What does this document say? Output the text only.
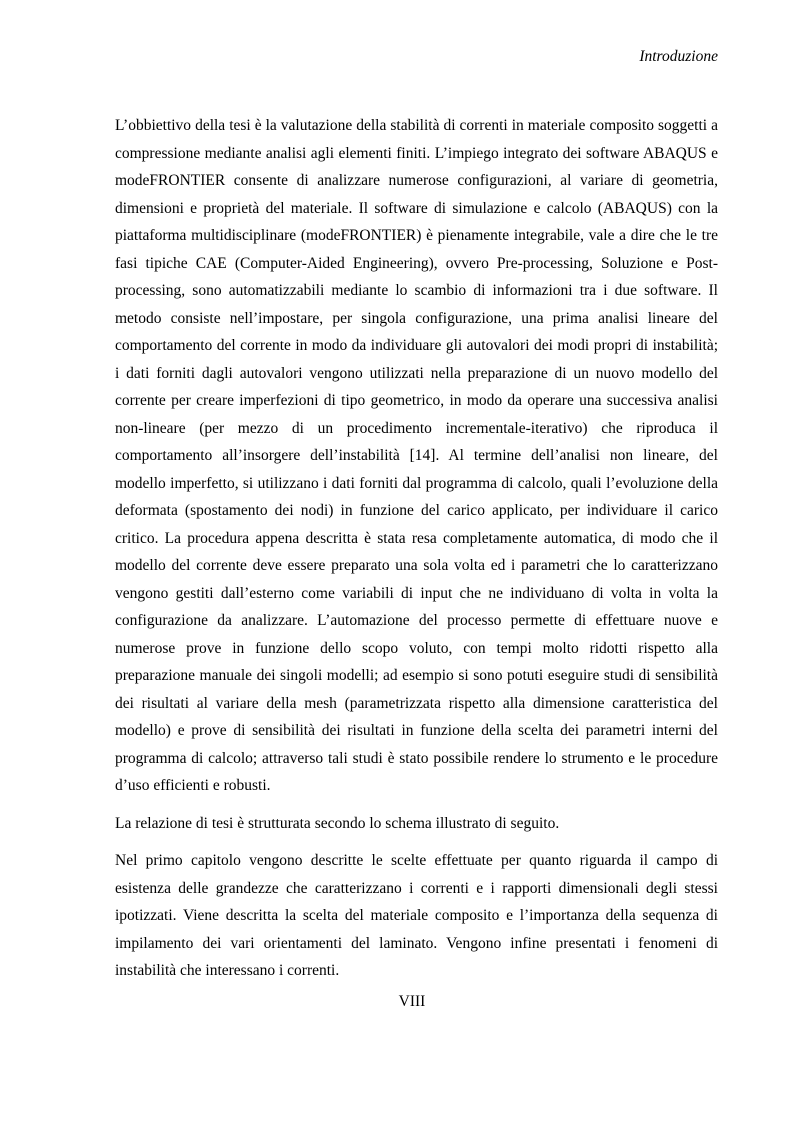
Introduzione

L’obbiettivo della tesi è la valutazione della stabilità di correnti in materiale composito soggetti a compressione mediante analisi agli elementi finiti. L’impiego integrato dei software ABAQUS e modeFRONTIER consente di analizzare numerose configurazioni, al variare di geometria, dimensioni e proprietà del materiale. Il software di simulazione e calcolo (ABAQUS) con la piattaforma multidisciplinare (modeFRONTIER) è pienamente integrabile, vale a dire che le tre fasi tipiche CAE (Computer-Aided Engineering), ovvero Pre-processing, Soluzione e Post-processing, sono automatizzabili mediante lo scambio di informazioni tra i due software. Il metodo consiste nell’impostare, per singola configurazione, una prima analisi lineare del comportamento del corrente in modo da individuare gli autovalori dei modi propri di instabilità; i dati forniti dagli autovalori vengono utilizzati nella preparazione di un nuovo modello del corrente per creare imperfezioni di tipo geometrico, in modo da operare una successiva analisi non-lineare (per mezzo di un procedimento incrementale-iterativo) che riproduca il comportamento all’insorgere dell’instabilità [14]. Al termine dell’analisi non lineare, del modello imperfetto, si utilizzano i dati forniti dal programma di calcolo, quali l’evoluzione della deformata (spostamento dei nodi) in funzione del carico applicato, per individuare il carico critico. La procedura appena descritta è stata resa completamente automatica, di modo che il modello del corrente deve essere preparato una sola volta ed i parametri che lo caratterizzano vengono gestiti dall’esterno come variabili di input che ne individuano di volta in volta la configurazione da analizzare. L’automazione del processo permette di effettuare nuove e numerose prove in funzione dello scopo voluto, con tempi molto ridotti rispetto alla preparazione manuale dei singoli modelli; ad esempio si sono potuti eseguire studi di sensibilità dei risultati al variare della mesh (parametrizzata rispetto alla dimensione caratteristica del modello) e prove di sensibilità dei risultati in funzione della scelta dei parametri interni del programma di calcolo; attraverso tali studi è stato possibile rendere lo strumento e le procedure d’uso efficienti e robusti.

La relazione di tesi è strutturata secondo lo schema illustrato di seguito.

Nel primo capitolo vengono descritte le scelte effettuate per quanto riguarda il campo di esistenza delle grandezze che caratterizzano i correnti e i rapporti dimensionali degli stessi ipotizzati. Viene descritta la scelta del materiale composito e l’importanza della sequenza di impilamento dei vari orientamenti del laminato. Vengono infine presentati i fenomeni di instabilità che interessano i correnti.

VIII
